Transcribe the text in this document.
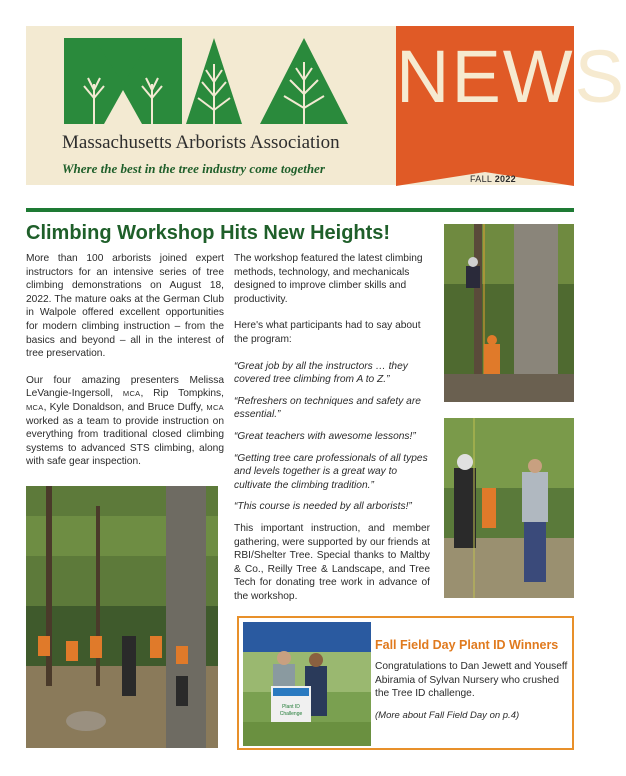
Massachusetts Arborists Association
Where the best in the tree industry come together
NEWS
FALL 2022
Climbing Workshop Hits New Heights!

More than 100 arborists joined expert instructors for an intensive series of tree climbing demonstrations on August 18, 2022. The mature oaks at the German Club in Walpole offered excellent opportunities for modern climbing instruction – from the basics and beyond – all in the interest of tree preservation.

Our four amazing presenters Melissa LeVangie-Ingersoll, MCA, Rip Tompkins, MCA, Kyle Donaldson, and Bruce Duffy, MCA worked as a team to provide instruction on everything from traditional closed climbing systems to advanced STS climbing, along with safe gear inspection.

The workshop featured the latest climbing methods, technology, and mechanicals designed to improve climber skills and productivity.

Here's what participants had to say about the program:

“Great job by all the instructors … they covered tree climbing from A to Z.”

“Refreshers on techniques and safety are essential.”

“Great teachers with awesome lessons!”

“Getting tree care professionals of all types and levels together is a great way to cultivate the climbing tradition.”

“This course is needed by all arborists!”

This important instruction, and member gathering, were supported by our friends at RBI/Shelter Tree. Special thanks to Maltby & Co., Reilly Tree & Landscape, and Tree Tech for donating tree work in advance of the workshop.

Plant ID
Challenge
Fall Field Day Plant ID Winners
Congratulations to Dan Jewett and Youseff Abiramia of Sylvan Nursery who crushed the Tree ID challenge.
(More about Fall Field Day on p.4)
